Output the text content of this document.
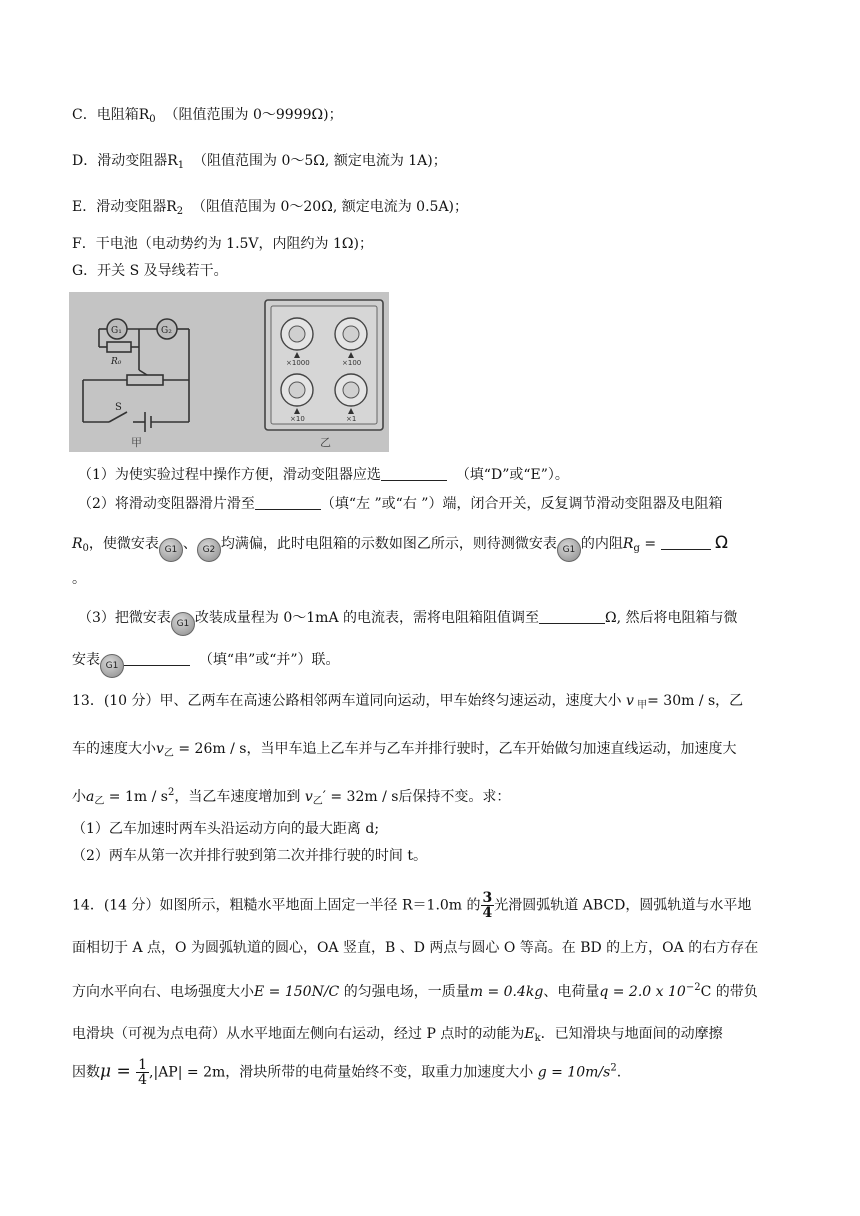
C．电阻箱$R_0$ （阻值范围为 0～9999Ω)；
D．滑动变阻器$R_1$ （阻值范围为 0～5Ω, 额定电流为 1A)；
E．滑动变阻器$R_2$ （阻值范围为 0～20Ω, 额定电流为 0.5A)；
F．干电池（电动势约为 1.5V，内阻约为 1Ω)；
G．开关 S 及导线若干。
G₁	G₂
R₀
S
甲
×1000	×100
×10	×1
乙
（1）为使实验过程中操作方便，滑动变阻器应选	（填“D”或“E”）。
（2）将滑动变阻器滑片滑至	（填“左 ”或“右 ”）端，闭合开关，反复调节滑动变阻器及电阻箱
$R_0$，使微安表 G1 、 G2 均满偏，此时电阻箱的示数如图乙所示，则待测微安表 G1 的内阻$R_g$ =	Ω
。
（3）把微安表 G1 改装成量程为 0～1mA 的电流表，需将电阻箱阻值调至	Ω, 然后将电阻箱与微
安表 G1	（填“串”或“并”）联。
13．(10 分）甲、乙两车在高速公路相邻两车道同向运动，甲车始终匀速运动，速度大小 v $_甲$= 30m / s，乙
车的速度大小$v_乙 = 26m / s$，当甲车追上乙车并与乙车并排行驶时，乙车开始做匀加速直线运动，加速度大
小$a_乙 = 1m / s^2$，当乙车速度增加到 $v_乙' = 32m / s$后保持不变。求：
（1）乙车加速时两车头沿运动方向的最大距离 d;
（2）两车从第一次并排行驶到第二次并排行驶的时间 t。
14．(14 分）如图所示，粗糙水平地面上固定一半径 R＝1.0m 的 $\frac{3}{4}$ 光滑圆弧轨道 ABCD，圆弧轨道与水平地
面相切于 A 点，O 为圆弧轨道的圆心，OA 竖直，B 、D 两点与圆心 O 等高。在 BD 的上方，OA 的右方存在
方向水平向右、电场强度大小E = 150N/C 的匀强电场，一质量m = 0.4kg、电荷量q = 2.0 x $10^{-2}C$ 的带负
电滑块（可视为点电荷）从水平地面左侧向右运动，经过 P 点时的动能为$E_k$．已知滑块与地面间的动摩擦
因数$\mu = \frac{1}{4} ,|AP| = 2m$，滑块所带的电荷量始终不变，取重力加速度大小 $g = 10m/s^2$.
